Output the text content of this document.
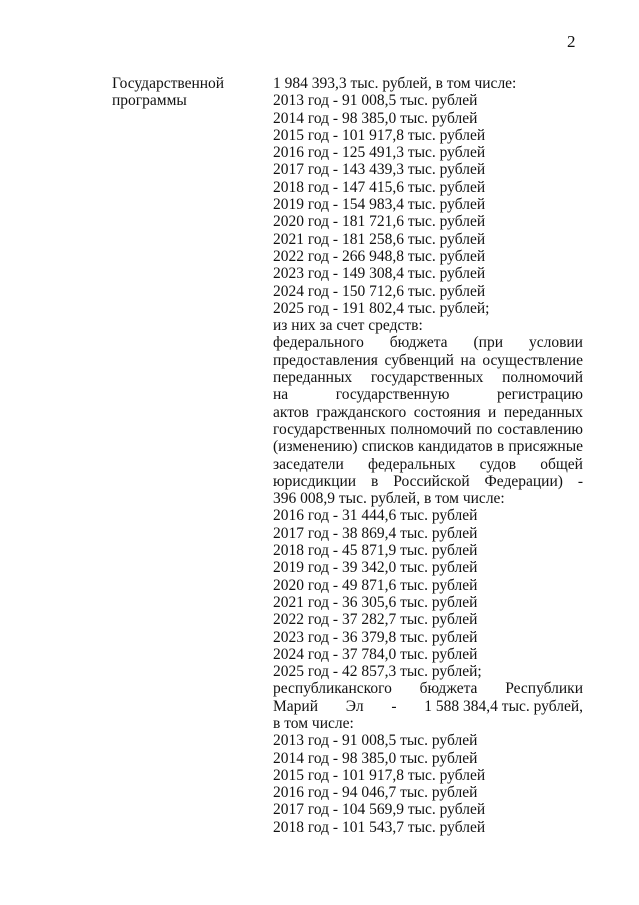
2
Государственной
программы
1 984 393,3 тыс. рублей, в том числе:
2013 год - 91 008,5 тыс. рублей
2014 год - 98 385,0 тыс. рублей
2015 год - 101 917,8 тыс. рублей
2016 год - 125 491,3 тыс. рублей
2017 год - 143 439,3 тыс. рублей
2018 год - 147 415,6 тыс. рублей
2019 год - 154 983,4 тыс. рублей
2020 год - 181 721,6 тыс. рублей
2021 год - 181 258,6 тыс. рублей
2022 год - 266 948,8 тыс. рублей
2023 год - 149 308,4 тыс. рублей
2024 год - 150 712,6 тыс. рублей
2025 год - 191 802,4 тыс. рублей;
из них за счет средств:
федерального бюджета (при условии
предоставления субвенций на осуществление
переданных государственных полномочий
на	государственную	регистрацию
актов гражданского состояния и переданных
государственных полномочий по составлению
(изменению) списков кандидатов в присяжные
заседатели федеральных судов общей
юрисдикции в Российской Федерации) -
396 008,9 тыс. рублей, в том числе:
2016 год - 31 444,6 тыс. рублей
2017 год - 38 869,4 тыс. рублей
2018 год - 45 871,9 тыс. рублей
2019 год - 39 342,0 тыс. рублей
2020 год - 49 871,6 тыс. рублей
2021 год - 36 305,6 тыс. рублей
2022 год - 37 282,7 тыс. рублей
2023 год - 36 379,8 тыс. рублей
2024 год - 37 784,0 тыс. рублей
2025 год - 42 857,3 тыс. рублей;
республиканского бюджета Республики
Марий Эл - 1 588 384,4 тыс. рублей,
в том числе:
2013 год - 91 008,5 тыс. рублей
2014 год - 98 385,0 тыс. рублей
2015 год - 101 917,8 тыс. рублей
2016 год - 94 046,7 тыс. рублей
2017 год - 104 569,9 тыс. рублей
2018 год - 101 543,7 тыс. рублей
